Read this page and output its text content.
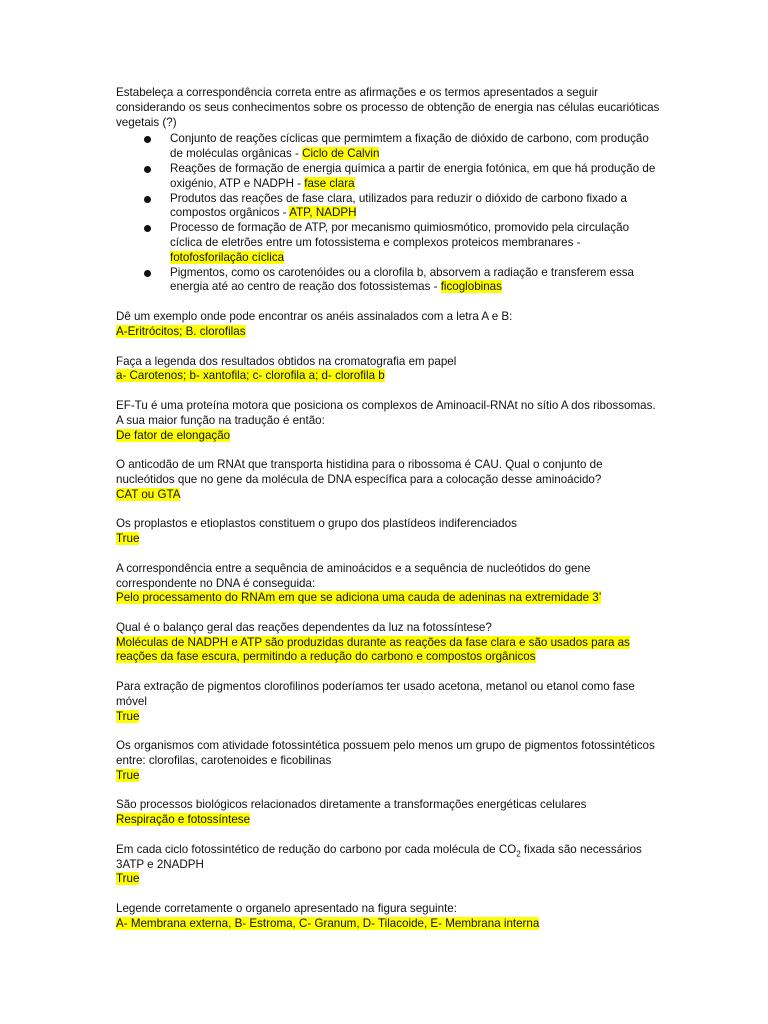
Estabeleça a correspondência correta entre as afirmações e os termos apresentados a seguir considerando os seus conhecimentos sobre os processo de obtenção de energia nas células eucarióticas vegetais (?)

Conjunto de reações cíclicas que permimtem a fixação de dióxido de carbono, com produção de moléculas orgânicas - Ciclo de Calvin
Reações de formação de energia química a partir de energia fotónica, em que há produção de oxigénio, ATP e NADPH - fase clara
Produtos das reações de fase clara, utilizados para reduzir o dióxido de carbono fixado a compostos orgânicos - ATP, NADPH
Processo de formação de ATP, por mecanismo quimiosmótico, promovido pela circulação cíclica de eletrões entre um fotossistema e complexos proteicos membranares - fotofosforilação cíclica
Pigmentos, como os carotenóides ou a clorofila b, absorvem a radiação e transferem essa energia até ao centro de reação dos fotossistemas - ficoglobinas

Dê um exemplo onde pode encontrar os anéis assinalados com a letra A e B:

A-Eritrócitos; B. clorofilas

Faça a legenda dos resultados obtidos na cromatografia em papel

a- Carotenos; b- xantofila; c- clorofila a; d- clorofila b

EF-Tu é uma proteína motora que posiciona os complexos de Aminoacil-RNAt no sítio A dos ribossomas. A sua maior função na tradução é então:

De fator de elongação

O anticodão de um RNAt que transporta histidina para o ribossoma é CAU. Qual o conjunto de nucleótidos que no gene da molécula de DNA específica para a colocação desse aminoácido?

CAT ou GTA

Os proplastos e etioplastos constituem o grupo dos plastídeos indiferenciados

True

A correspondência entre a sequência de aminoácidos e a sequência de nucleótidos do gene correspondente no DNA é conseguida:

Pelo processamento do RNAm em que se adiciona uma cauda de adeninas na extremidade 3’

Qual é o balanço geral das reações dependentes da luz na fotossíntese?

Moléculas de NADPH e ATP são produzidas durante as reações da fase clara e são usados para as reações da fase escura, permitindo a redução do carbono e compostos orgânicos

Para extração de pigmentos clorofilinos poderíamos ter usado acetona, metanol ou etanol como fase móvel

True

Os organismos com atividade fotossintética possuem pelo menos um grupo de pigmentos fotossintéticos entre: clorofilas, carotenoides e ficobilinas

True

São processos biológicos relacionados diretamente a transformações energéticas celulares

Respiração e fotossíntese

Em cada ciclo fotossintético de redução do carbono por cada molécula de $CO_2$ fixada são necessários 3ATP e 2NADPH

True

Legende corretamente o organelo apresentado na figura seguinte:

A- Membrana externa, B- Estroma, C- Granum, D- Tilacoide, E- Membrana interna
